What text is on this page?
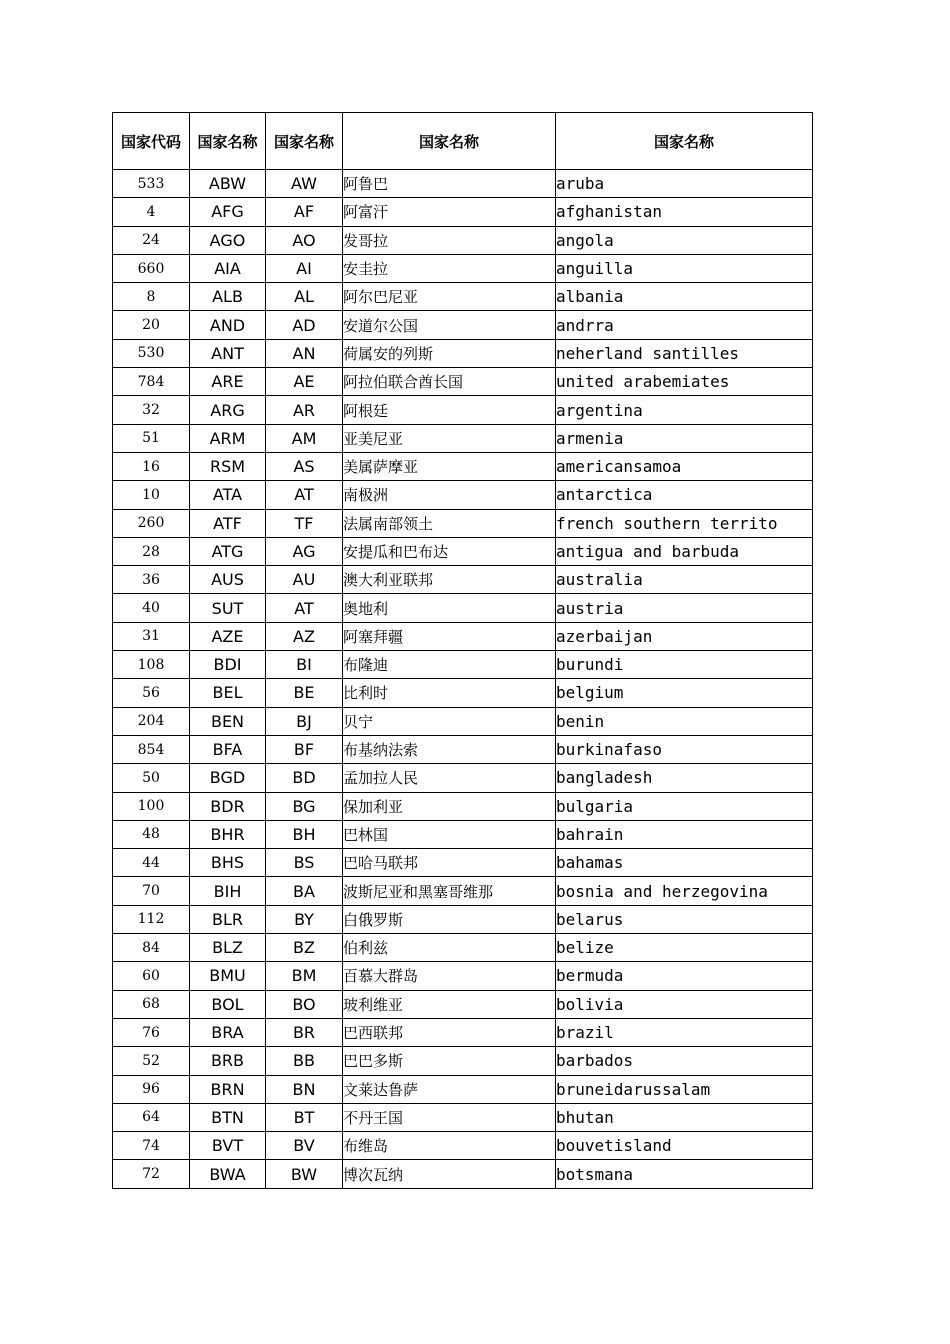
国家代码	国家名称	国家名称	国家名称	国家名称
533	ABW	AW	阿鲁巴	aruba
4	AFG	AF	阿富汗	afghanistan
24	AGO	AO	发哥拉	angola
660	AIA	AI	安圭拉	anguilla
8	ALB	AL	阿尔巴尼亚	albania
20	AND	AD	安道尔公国	andrra
530	ANT	AN	荷属安的列斯	neherland santilles
784	ARE	AE	阿拉伯联合酋长国	united arabemiates
32	ARG	AR	阿根廷	argentina
51	ARM	AM	亚美尼亚	armenia
16	RSM	AS	美属萨摩亚	americansamoa
10	ATA	AT	南极洲	antarctica
260	ATF	TF	法属南部领土	french southern territo
28	ATG	AG	安提瓜和巴布达	antigua and barbuda
36	AUS	AU	澳大利亚联邦	australia
40	SUT	AT	奥地利	austria
31	AZE	AZ	阿塞拜疆	azerbaijan
108	BDI	BI	布隆迪	burundi
56	BEL	BE	比利时	belgium
204	BEN	BJ	贝宁	benin
854	BFA	BF	布基纳法索	burkinafaso
50	BGD	BD	孟加拉人民	bangladesh
100	BDR	BG	保加利亚	bulgaria
48	BHR	BH	巴林国	bahrain
44	BHS	BS	巴哈马联邦	bahamas
70	BIH	BA	波斯尼亚和黑塞哥维那	bosnia and herzegovina
112	BLR	BY	白俄罗斯	belarus
84	BLZ	BZ	伯利兹	belize
60	BMU	BM	百慕大群岛	bermuda
68	BOL	BO	玻利维亚	bolivia
76	BRA	BR	巴西联邦	brazil
52	BRB	BB	巴巴多斯	barbados
96	BRN	BN	文莱达鲁萨	bruneidarussalam
64	BTN	BT	不丹王国	bhutan
74	BVT	BV	布维岛	bouvetisland
72	BWA	BW	博次瓦纳	botsmana
